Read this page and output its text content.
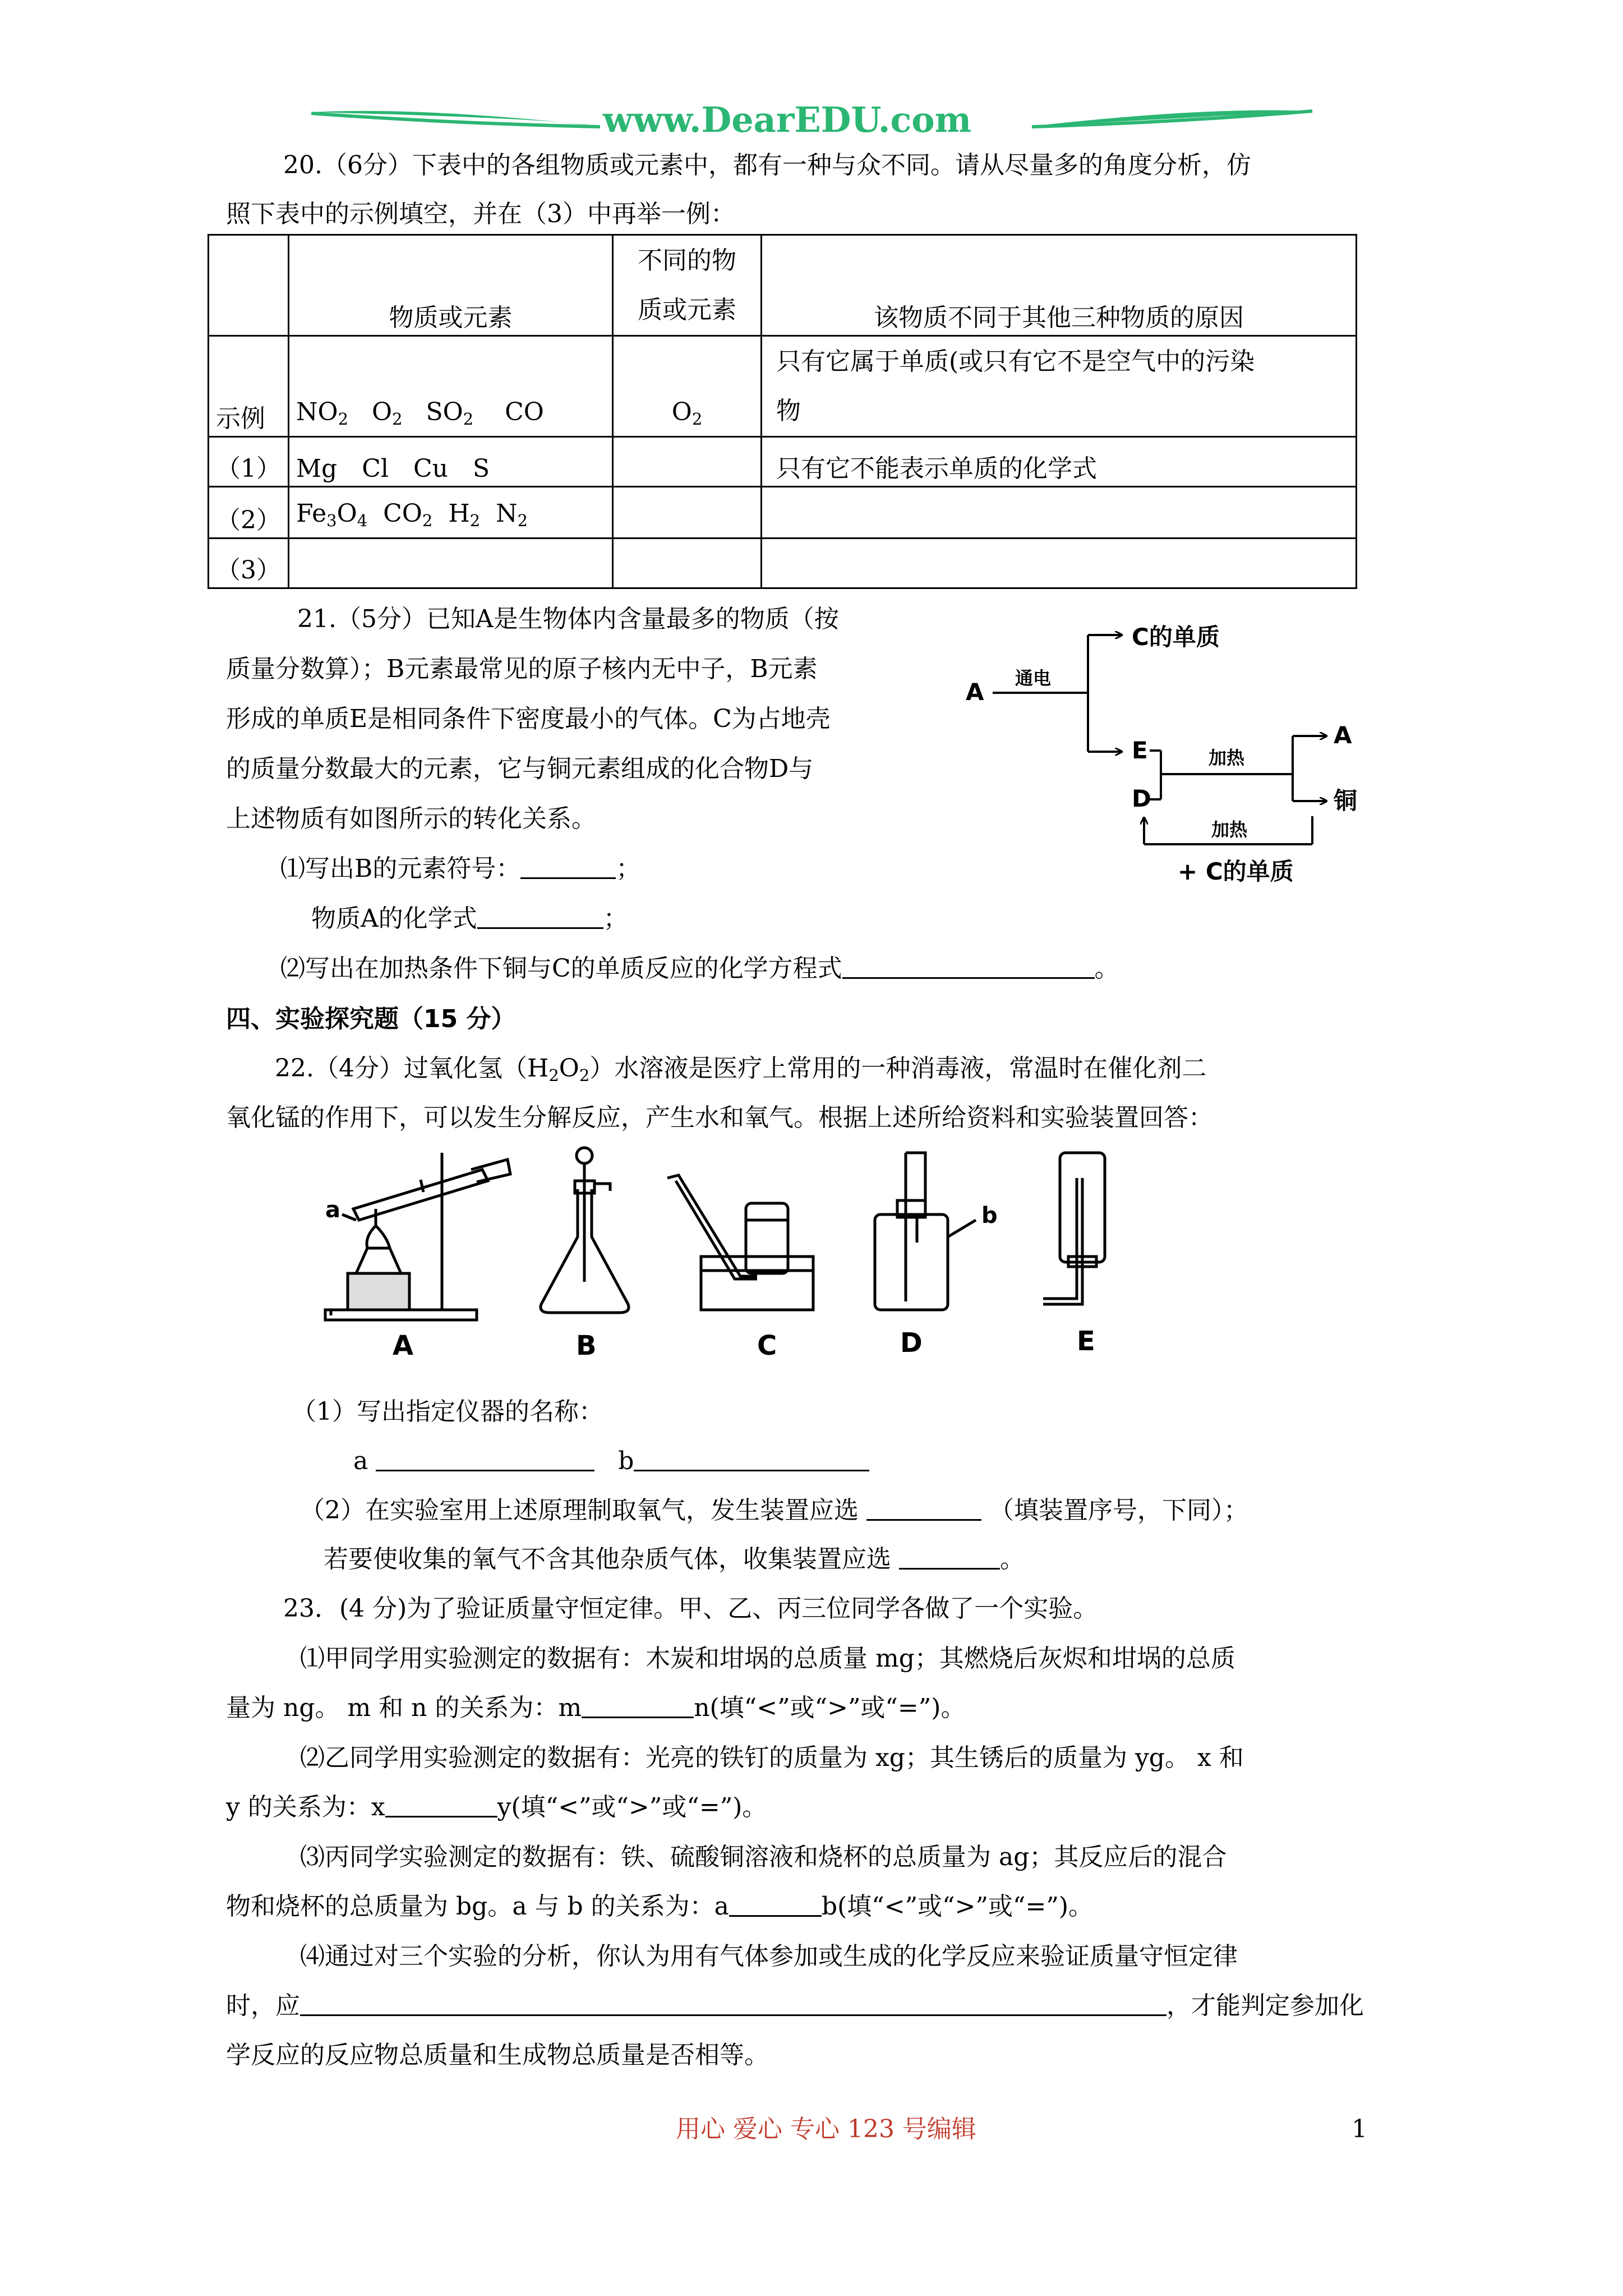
www.DearEDU.com
20.（6分）下表中的各组物质或元素中，都有一种与众不同。请从尽量多的角度分析，仿
照下表中的示例填空，并在（3）中再举一例：
	物质或元素	不同的物
质或元素	该物质不同于其他三种物质的原因
示例	$NO_2$ $O_2$ $SO_2$ CO	$O_2$	只有它属于单质(或只有它不是空气中的污染
物
（1）	Mg　Cl　Cu　S		只有它不能表示单质的化学式
（2）	$Fe_3O_4$ $CO_2$ $H_2$ $N_2$		
（3）			
21.（5分）已知A是生物体内含量最多的物质（按
质量分数算）；B元素最常见的原子核内无中子，B元素
形成的单质E是相同条件下密度最小的气体。C为占地壳
的质量分数最大的元素，它与铜元素组成的化合物D与
上述物质有如图所示的转化关系。
⑴写出B的元素符号：	；
物质A的化学式	；
⑵写出在加热条件下铜与C的单质反应的化学方程式	。
A
C的单质
E
D
A
铜
+ C的单质
通电
加热
加热
四、实验探究题（15 分）
22.（4分）过氧化氢$(H_2O_2)$水溶液是医疗上常用的一种消毒液，常温时在催化剂二
氧化锰的作用下，可以发生分解反应，产生水和氧气。根据上述所给资料和实验装置回答：
a	b
A	B	C	D	E
（1）写出指定仪器的名称：
a	b
（2）在实验室用上述原理制取氧气，发生装置应选	（填装置序号，下同）；
若要使收集的氧气不含其他杂质气体，收集装置应选	。
23．(4 分)为了验证质量守恒定律。甲、乙、丙三位同学各做了一个实验。
⑴甲同学用实验测定的数据有：木炭和坩埚的总质量 mg；其燃烧后灰烬和坩埚的总质
量为 ng。 m 和 n 的关系为：m	n(填“<”或“>”或“=”)。
⑵乙同学用实验测定的数据有：光亮的铁钉的质量为 xg；其生锈后的质量为 yg。 x 和
y 的关系为：x	y(填“<”或“>”或“=”)。
⑶丙同学实验测定的数据有：铁、硫酸铜溶液和烧杯的总质量为 ag；其反应后的混合
物和烧杯的总质量为 bg。a 与 b 的关系为：a	b(填“<”或“>”或“=”)。
⑷通过对三个实验的分析，你认为用有气体参加或生成的化学反应来验证质量守恒定律
时，应	，才能判定参加化
学反应的反应物总质量和生成物总质量是否相等。
用心 爱心 专心 123 号编辑	1
